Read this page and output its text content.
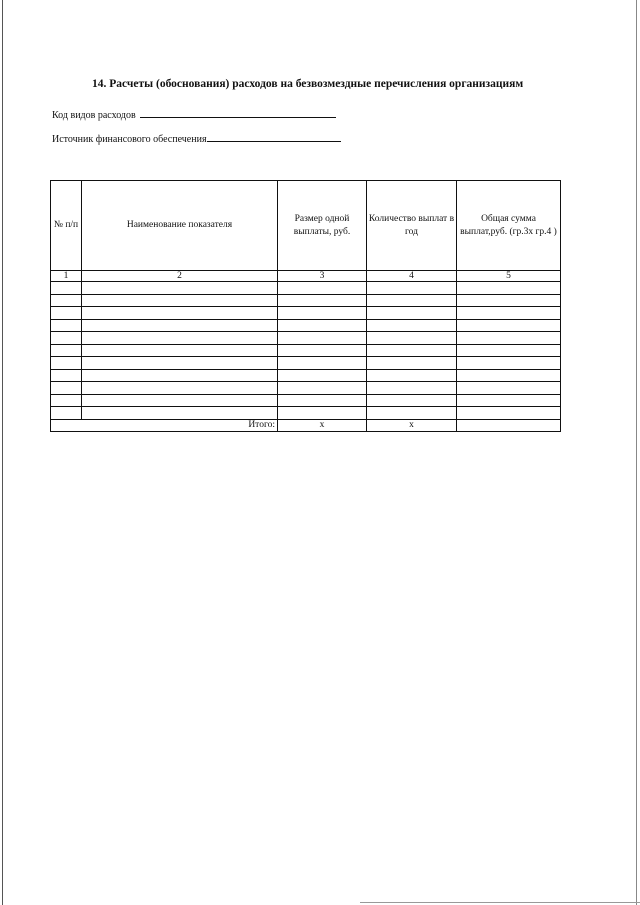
14. Расчеты (обоснования) расходов на безвозмездные перечисления организациям
Код видов расходов
Источник финансового обеспечения
№ п/п	Наименование показателя	Размер одной выплаты, руб.	Количество выплат в год	Общая сумма выплат,руб. (гр.3х гр.4 )
1	2	3	4	5

Итого:		x	x	
